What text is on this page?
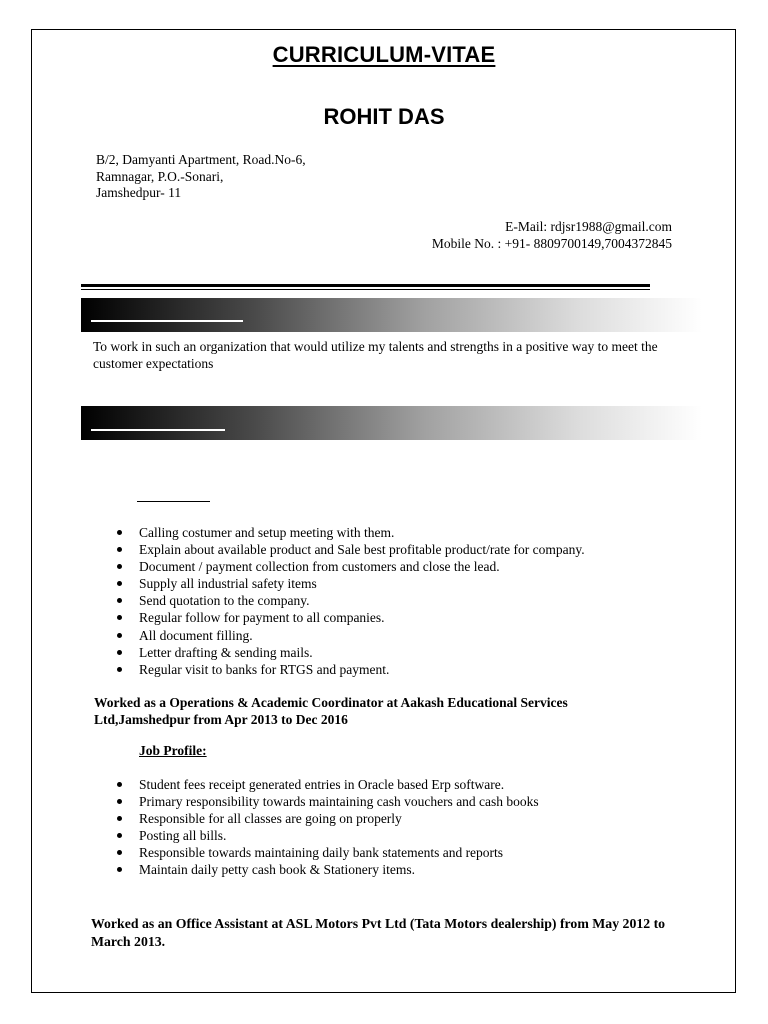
CURRICULUM-VITAE
ROHIT DAS
B/2, Damyanti Apartment, Road.No-6,
Ramnagar, P.O.-Sonari,
Jamshedpur- 11
E-Mail: rdjsr1988@gmail.com
Mobile No. : +91- 8809700149,7004372845
To work in such an organization that would utilize my talents and strengths in a positive way to meet the customer expectations
Calling costumer and setup meeting with them.
Explain about available product and Sale best profitable product/rate for company.
Document / payment collection from customers and close the lead.
Supply all industrial safety items
Send quotation to the company.
Regular follow for payment to all companies.
All document filling.
Letter drafting & sending mails.
Regular visit to banks for RTGS and payment.
Worked as a Operations & Academic Coordinator at Aakash Educational Services Ltd,Jamshedpur from Apr 2013 to Dec 2016
Job Profile:
Student fees receipt generated entries in Oracle based Erp software.
Primary responsibility towards maintaining cash vouchers and cash books
Responsible for all classes are going on properly
Posting all bills.
Responsible towards maintaining daily bank statements and reports
Maintain daily petty cash book & Stationery items.
Worked as an Office Assistant at ASL Motors Pvt Ltd (Tata Motors dealership) from May 2012 to March 2013.
